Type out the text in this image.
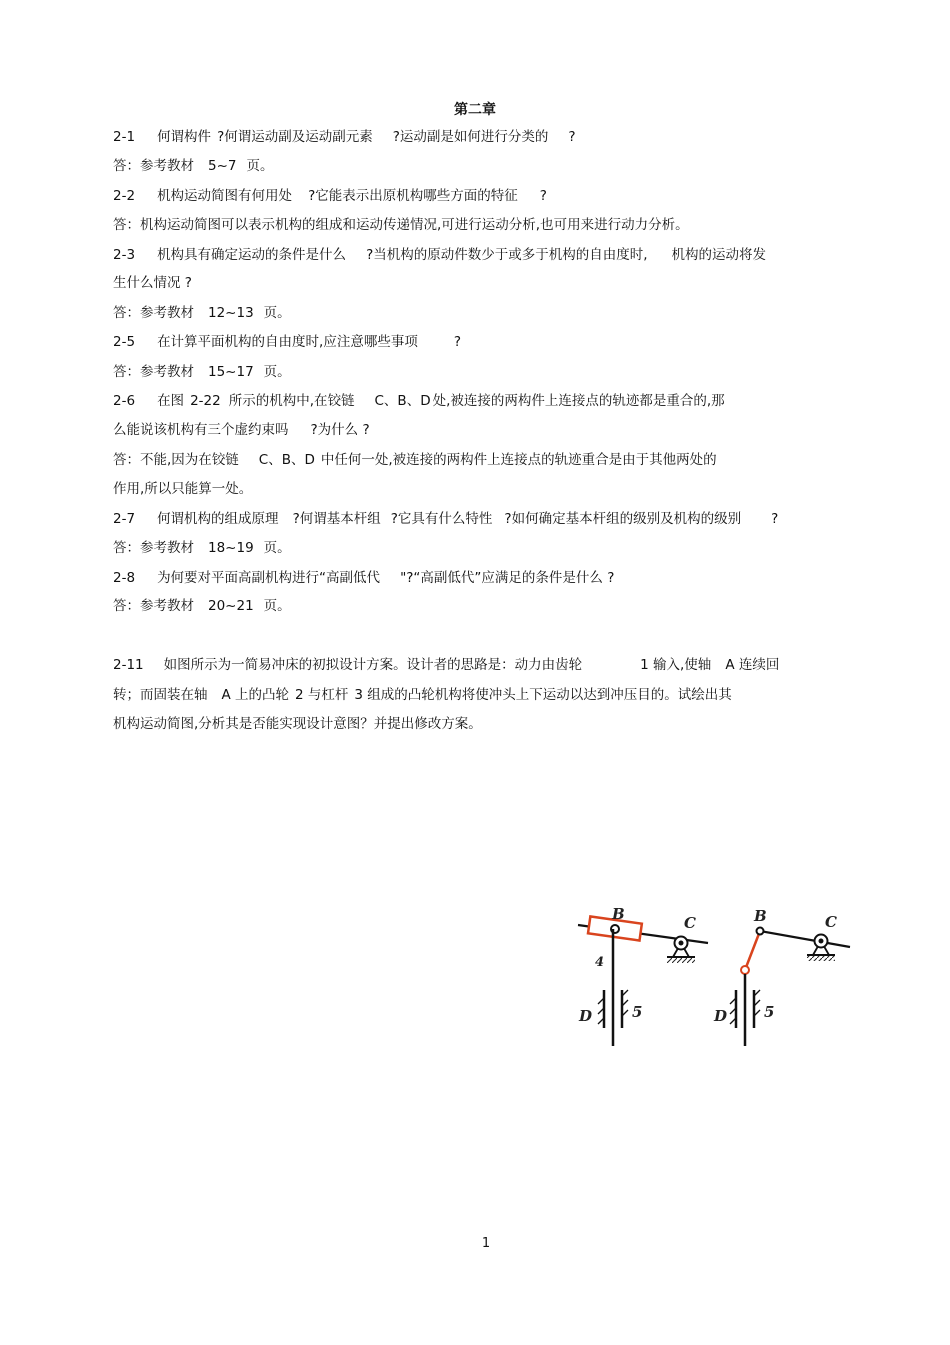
第二章
2-1 何谓构件 ?何谓运动副及运动副元素 ?运动副是如何进行分类的 ?
答：参考教材 5~7 页。
2-2 机构运动简图有何用处 ?它能表示出原机构哪些方面的特征 ?
答：机构运动简图可以表示机构的组成和运动传递情况,可进行运动分析,也可用来进行动力分析。
2-3 机构具有确定运动的条件是什么 ?当机构的原动件数少于或多于机构的自由度时, 机构的运动将发
生什么情况 ?
答：参考教材 12~13 页。
2-5 在计算平面机构的自由度时,应注意哪些事项	?
答：参考教材 15~17 页。
2-6 在图 2-22 所示的机构中,在铰链 C、B、D 处,被连接的两构件上连接点的轨迹都是重合的,那
么能说该机构有三个虚约束吗 ?为什么 ?
答：不能,因为在铰链 C、B、D 中任何一处,被连接的两构件上连接点的轨迹重合是由于其他两处的
作用,所以只能算一处。
2-7 何谓机构的组成原理 ?何谓基本杆组 ?它具有什么特性 ?如何确定基本杆组的级别及机构的级别 ?
答：参考教材 18~19 页。
2-8 为何要对平面高副机构进行“高副低代 "?“高副低代”应满足的条件是什么 ?
答：参考教材 20~21 页。
2-11 如图所示为一简易冲床的初拟设计方案。设计者的思路是：动力由齿轮	1 输入,使轴 A 连续回
转；而固装在轴 A 上的凸轮 2 与杠杆 3 组成的凸轮机构将使冲头上下运动以达到冲压目的。试绘出其
机构运动简图,分析其是否能实现设计意图？并提出修改方案。
B	C
4
D	5
B	C
D 5
1
